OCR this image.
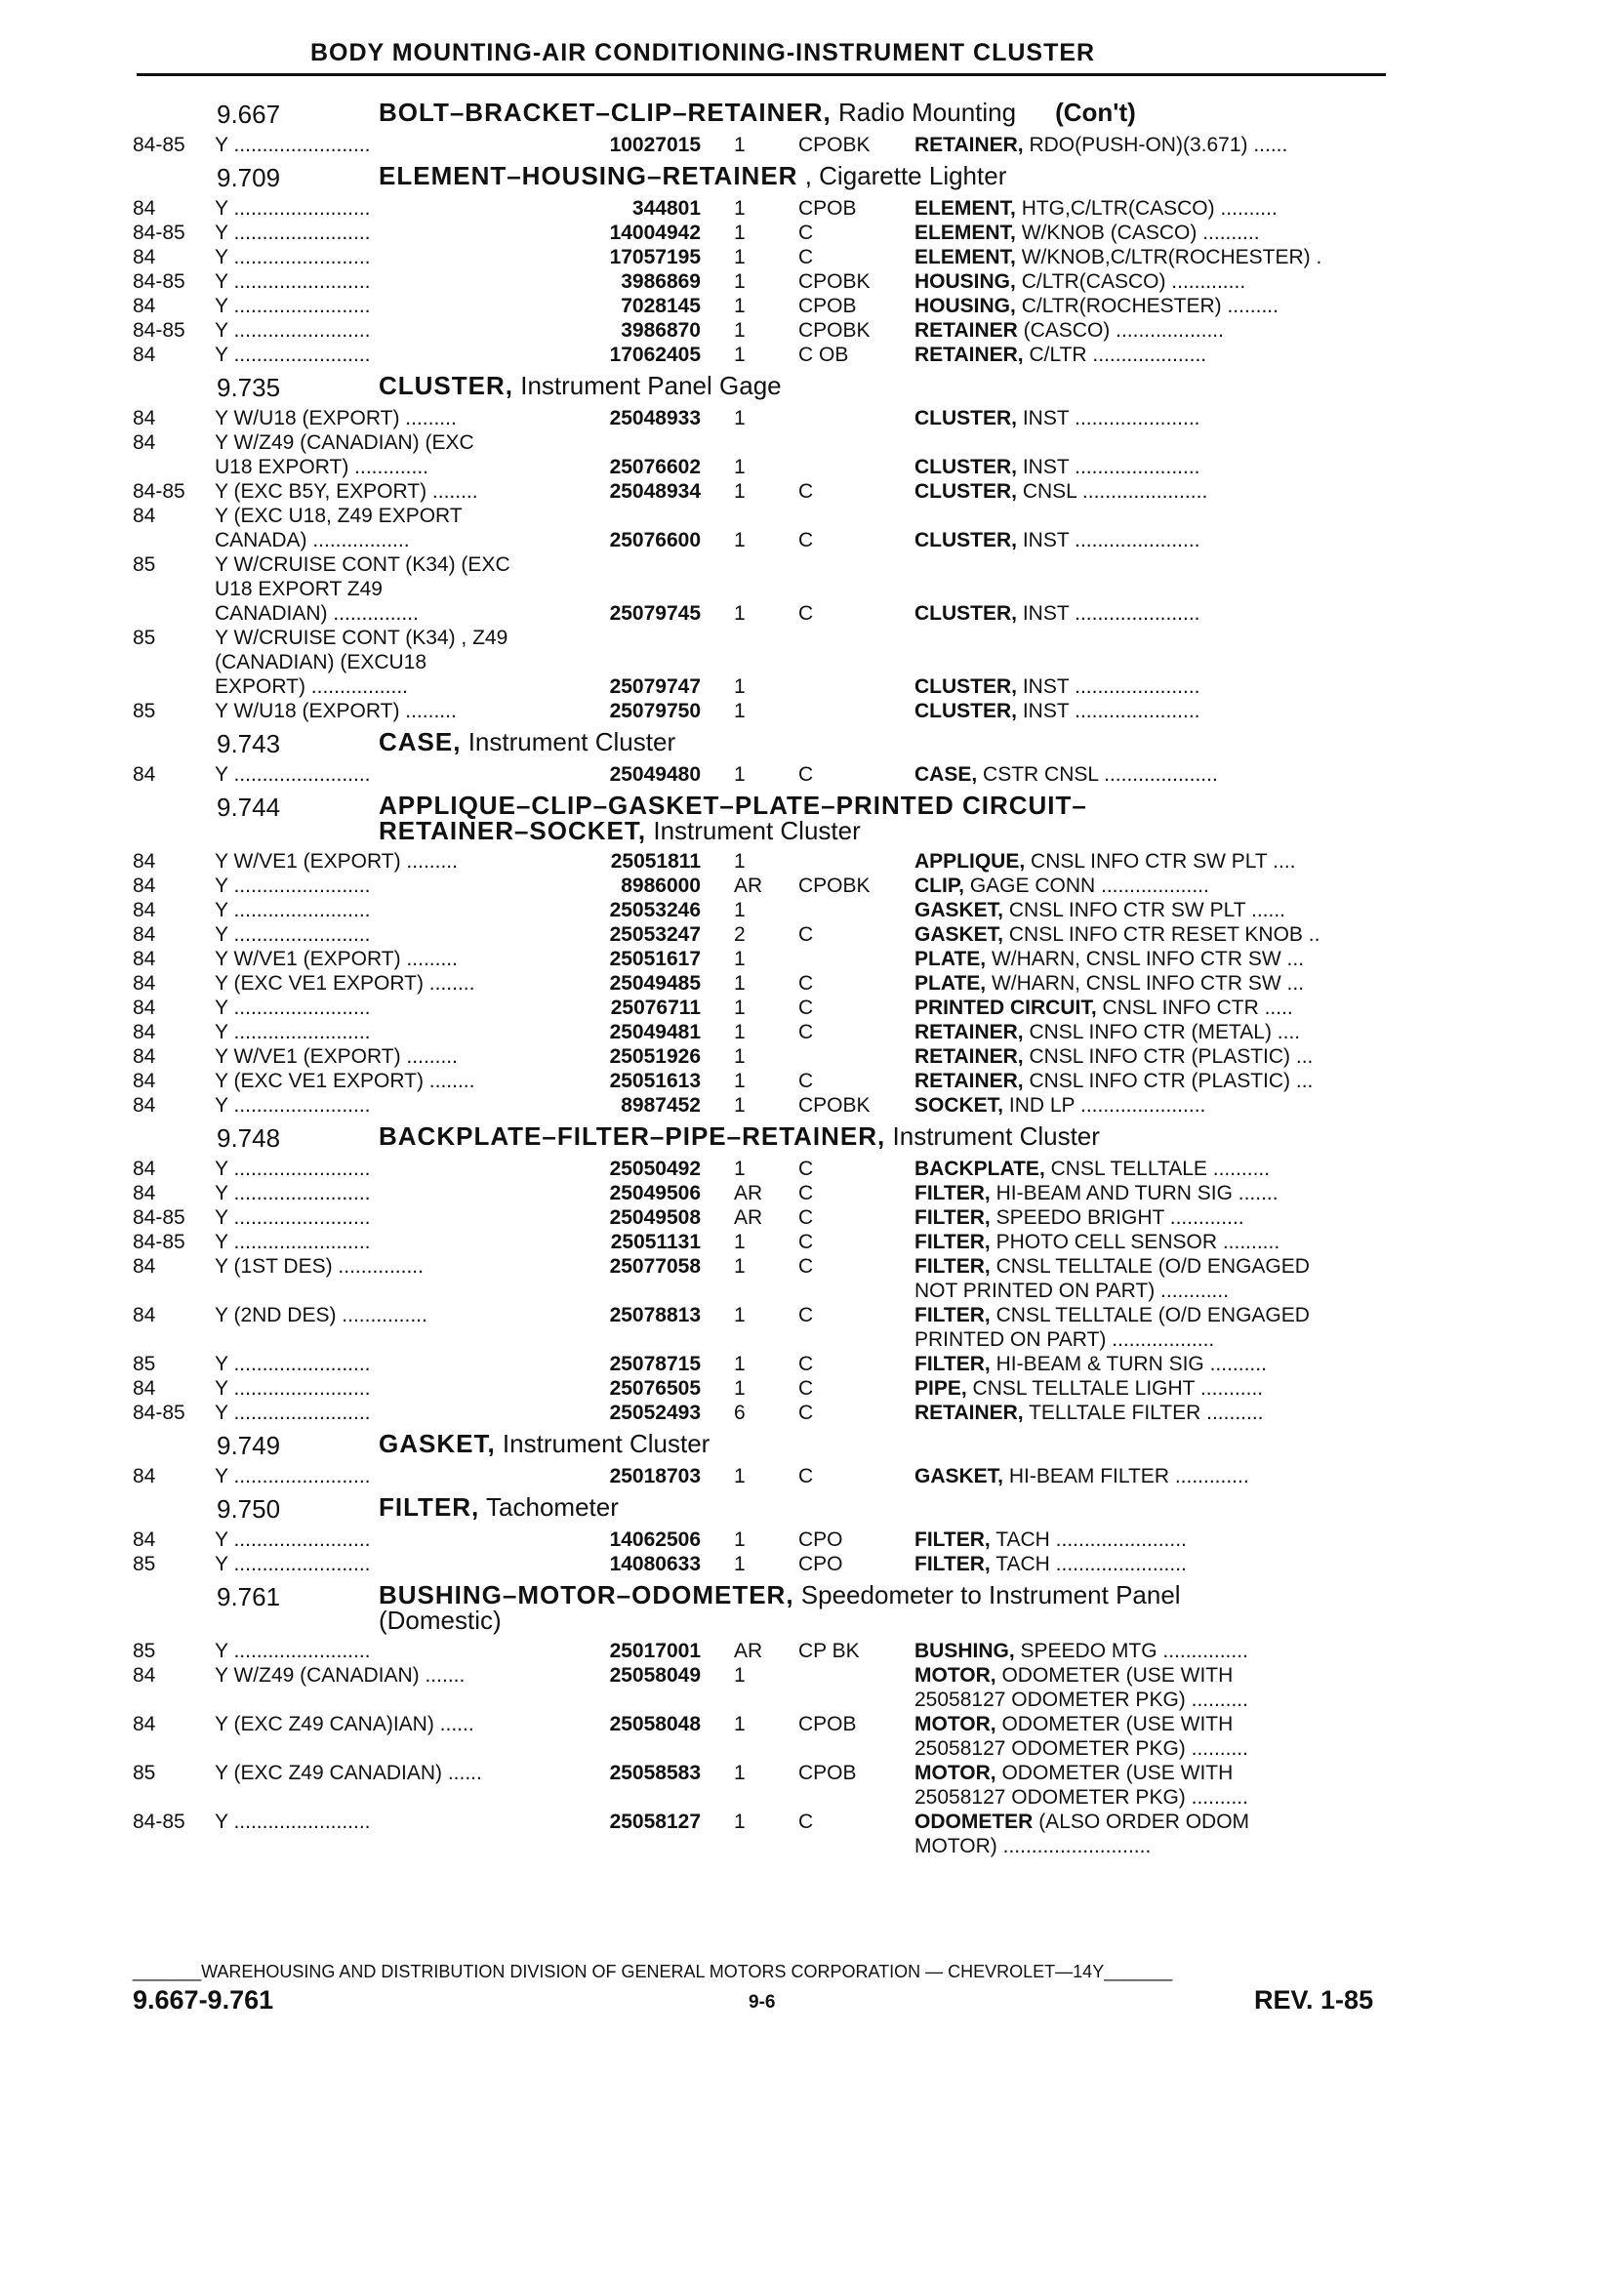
BODY MOUNTING-AIR CONDITIONING-INSTRUMENT CLUSTER
9.667	BOLT–BRACKET–CLIP–RETAINER, Radio Mounting (Con't)
84-85 Y ........................	10027015 1	CPOBK RETAINER, RDO(PUSH-ON)(3.671) ......
9.709	ELEMENT–HOUSING–RETAINER , Cigarette Lighter
84	Y ........................	344801 1	CPOB	ELEMENT, HTG,C/LTR(CASCO) ..........
84-85 Y ........................	14004942 1	C	ELEMENT, W/KNOB (CASCO) ..........
84	Y ........................	17057195 1	C	ELEMENT, W/KNOB,C/LTR(ROCHESTER) .
84-85 Y ........................	3986869 1	CPOBK HOUSING, C/LTR(CASCO) .............
84	Y ........................	7028145 1	CPOB	HOUSING, C/LTR(ROCHESTER) .........
84-85 Y ........................	3986870 1	CPOBK RETAINER (CASCO) ...................
84	Y ........................	17062405 1	C OB	RETAINER, C/LTR ....................
9.735	CLUSTER, Instrument Panel Gage
84	Y W/U18 (EXPORT) .........	25048933 1	CLUSTER, INST ......................
84	Y W/Z49 (CANADIAN) (EXC
U18 EXPORT) .............	25076602 1	CLUSTER, INST ......................
84-85 Y (EXC B5Y, EXPORT) ........	25048934 1	C	CLUSTER, CNSL ......................
84	Y (EXC U18, Z49 EXPORT
CANADA) .................	25076600 1	C	CLUSTER, INST ......................
85	Y W/CRUISE CONT (K34) (EXC
U18 EXPORT Z49
CANADIAN) ...............	25079745 1	C	CLUSTER, INST ......................
85	Y W/CRUISE CONT (K34) , Z49
(CANADIAN) (EXCU18
EXPORT) .................	25079747 1	CLUSTER, INST ......................
85	Y W/U18 (EXPORT) .........	25079750 1	CLUSTER, INST ......................
9.743	CASE, Instrument Cluster
84	Y ........................	25049480 1	C	CASE, CSTR CNSL ....................
9.744	APPLIQUE–CLIP–GASKET–PLATE–PRINTED CIRCUIT–
RETAINER–SOCKET, Instrument Cluster
84	Y W/VE1 (EXPORT) .........	25051811 1	APPLIQUE, CNSL INFO CTR SW PLT ....
84	Y ........................	8986000 AR CPOBK CLIP, GAGE CONN ...................
84	Y ........................	25053246 1	GASKET, CNSL INFO CTR SW PLT ......
84	Y ........................	25053247 2	C	GASKET, CNSL INFO CTR RESET KNOB ..
84	Y W/VE1 (EXPORT) .........	25051617 1	PLATE, W/HARN, CNSL INFO CTR SW ...
84	Y (EXC VE1 EXPORT) ........	25049485 1	C	PLATE, W/HARN, CNSL INFO CTR SW ...
84	Y ........................	25076711 1	C	PRINTED CIRCUIT, CNSL INFO CTR .....
84	Y ........................	25049481 1	C	RETAINER, CNSL INFO CTR (METAL) ....
84	Y W/VE1 (EXPORT) .........	25051926 1	RETAINER, CNSL INFO CTR (PLASTIC) ...
84	Y (EXC VE1 EXPORT) ........	25051613 1	C	RETAINER, CNSL INFO CTR (PLASTIC) ...
84	Y ........................	8987452 1	CPOBK SOCKET, IND LP ......................
9.748	BACKPLATE–FILTER–PIPE–RETAINER, Instrument Cluster
84	Y ........................	25050492 1	C	BACKPLATE, CNSL TELLTALE ..........
84	Y ........................	25049506 AR C	FILTER, HI-BEAM AND TURN SIG .......
84-85 Y ........................	25049508 AR C	FILTER, SPEEDO BRIGHT .............
84-85 Y ........................	25051131 1	C	FILTER, PHOTO CELL SENSOR ..........
84	Y (1ST DES) ...............	25077058 1	C	FILTER, CNSL TELLTALE (O/D ENGAGED
NOT PRINTED ON PART) ............
84	Y (2ND DES) ...............	25078813 1	C	FILTER, CNSL TELLTALE (O/D ENGAGED
PRINTED ON PART) ..................
85	Y ........................	25078715 1	C	FILTER, HI-BEAM & TURN SIG ..........
84	Y ........................	25076505 1	C	PIPE, CNSL TELLTALE LIGHT ...........
84-85 Y ........................	25052493 6	C	RETAINER, TELLTALE FILTER ..........
9.749	GASKET, Instrument Cluster
84	Y ........................	25018703 1	C	GASKET, HI-BEAM FILTER .............
9.750	FILTER, Tachometer
84	Y ........................	14062506 1	CPO	FILTER, TACH .......................
85	Y ........................	14080633 1	CPO	FILTER, TACH .......................
9.761	BUSHING–MOTOR–ODOMETER, Speedometer to Instrument Panel
(Domestic)
85	Y ........................	25017001 AR CP BK	BUSHING, SPEEDO MTG ...............
84	Y W/Z49 (CANADIAN) .......	25058049 1	MOTOR, ODOMETER (USE WITH
25058127 ODOMETER PKG) ..........
84	Y (EXC Z49 CANA)IAN) ......	25058048 1	CPOB	MOTOR, ODOMETER (USE WITH
25058127 ODOMETER PKG) ..........
85	Y (EXC Z49 CANADIAN) ......	25058583 1	CPOB	MOTOR, ODOMETER (USE WITH
25058127 ODOMETER PKG) ..........
84-85 Y ........................	25058127 1	C	ODOMETER (ALSO ORDER ODOM
MOTOR) ..........................
_______WAREHOUSING AND DISTRIBUTION DIVISION OF GENERAL MOTORS CORPORATION — CHEVROLET—14Y_______
9.667-9.761	9-6	REV. 1-85
